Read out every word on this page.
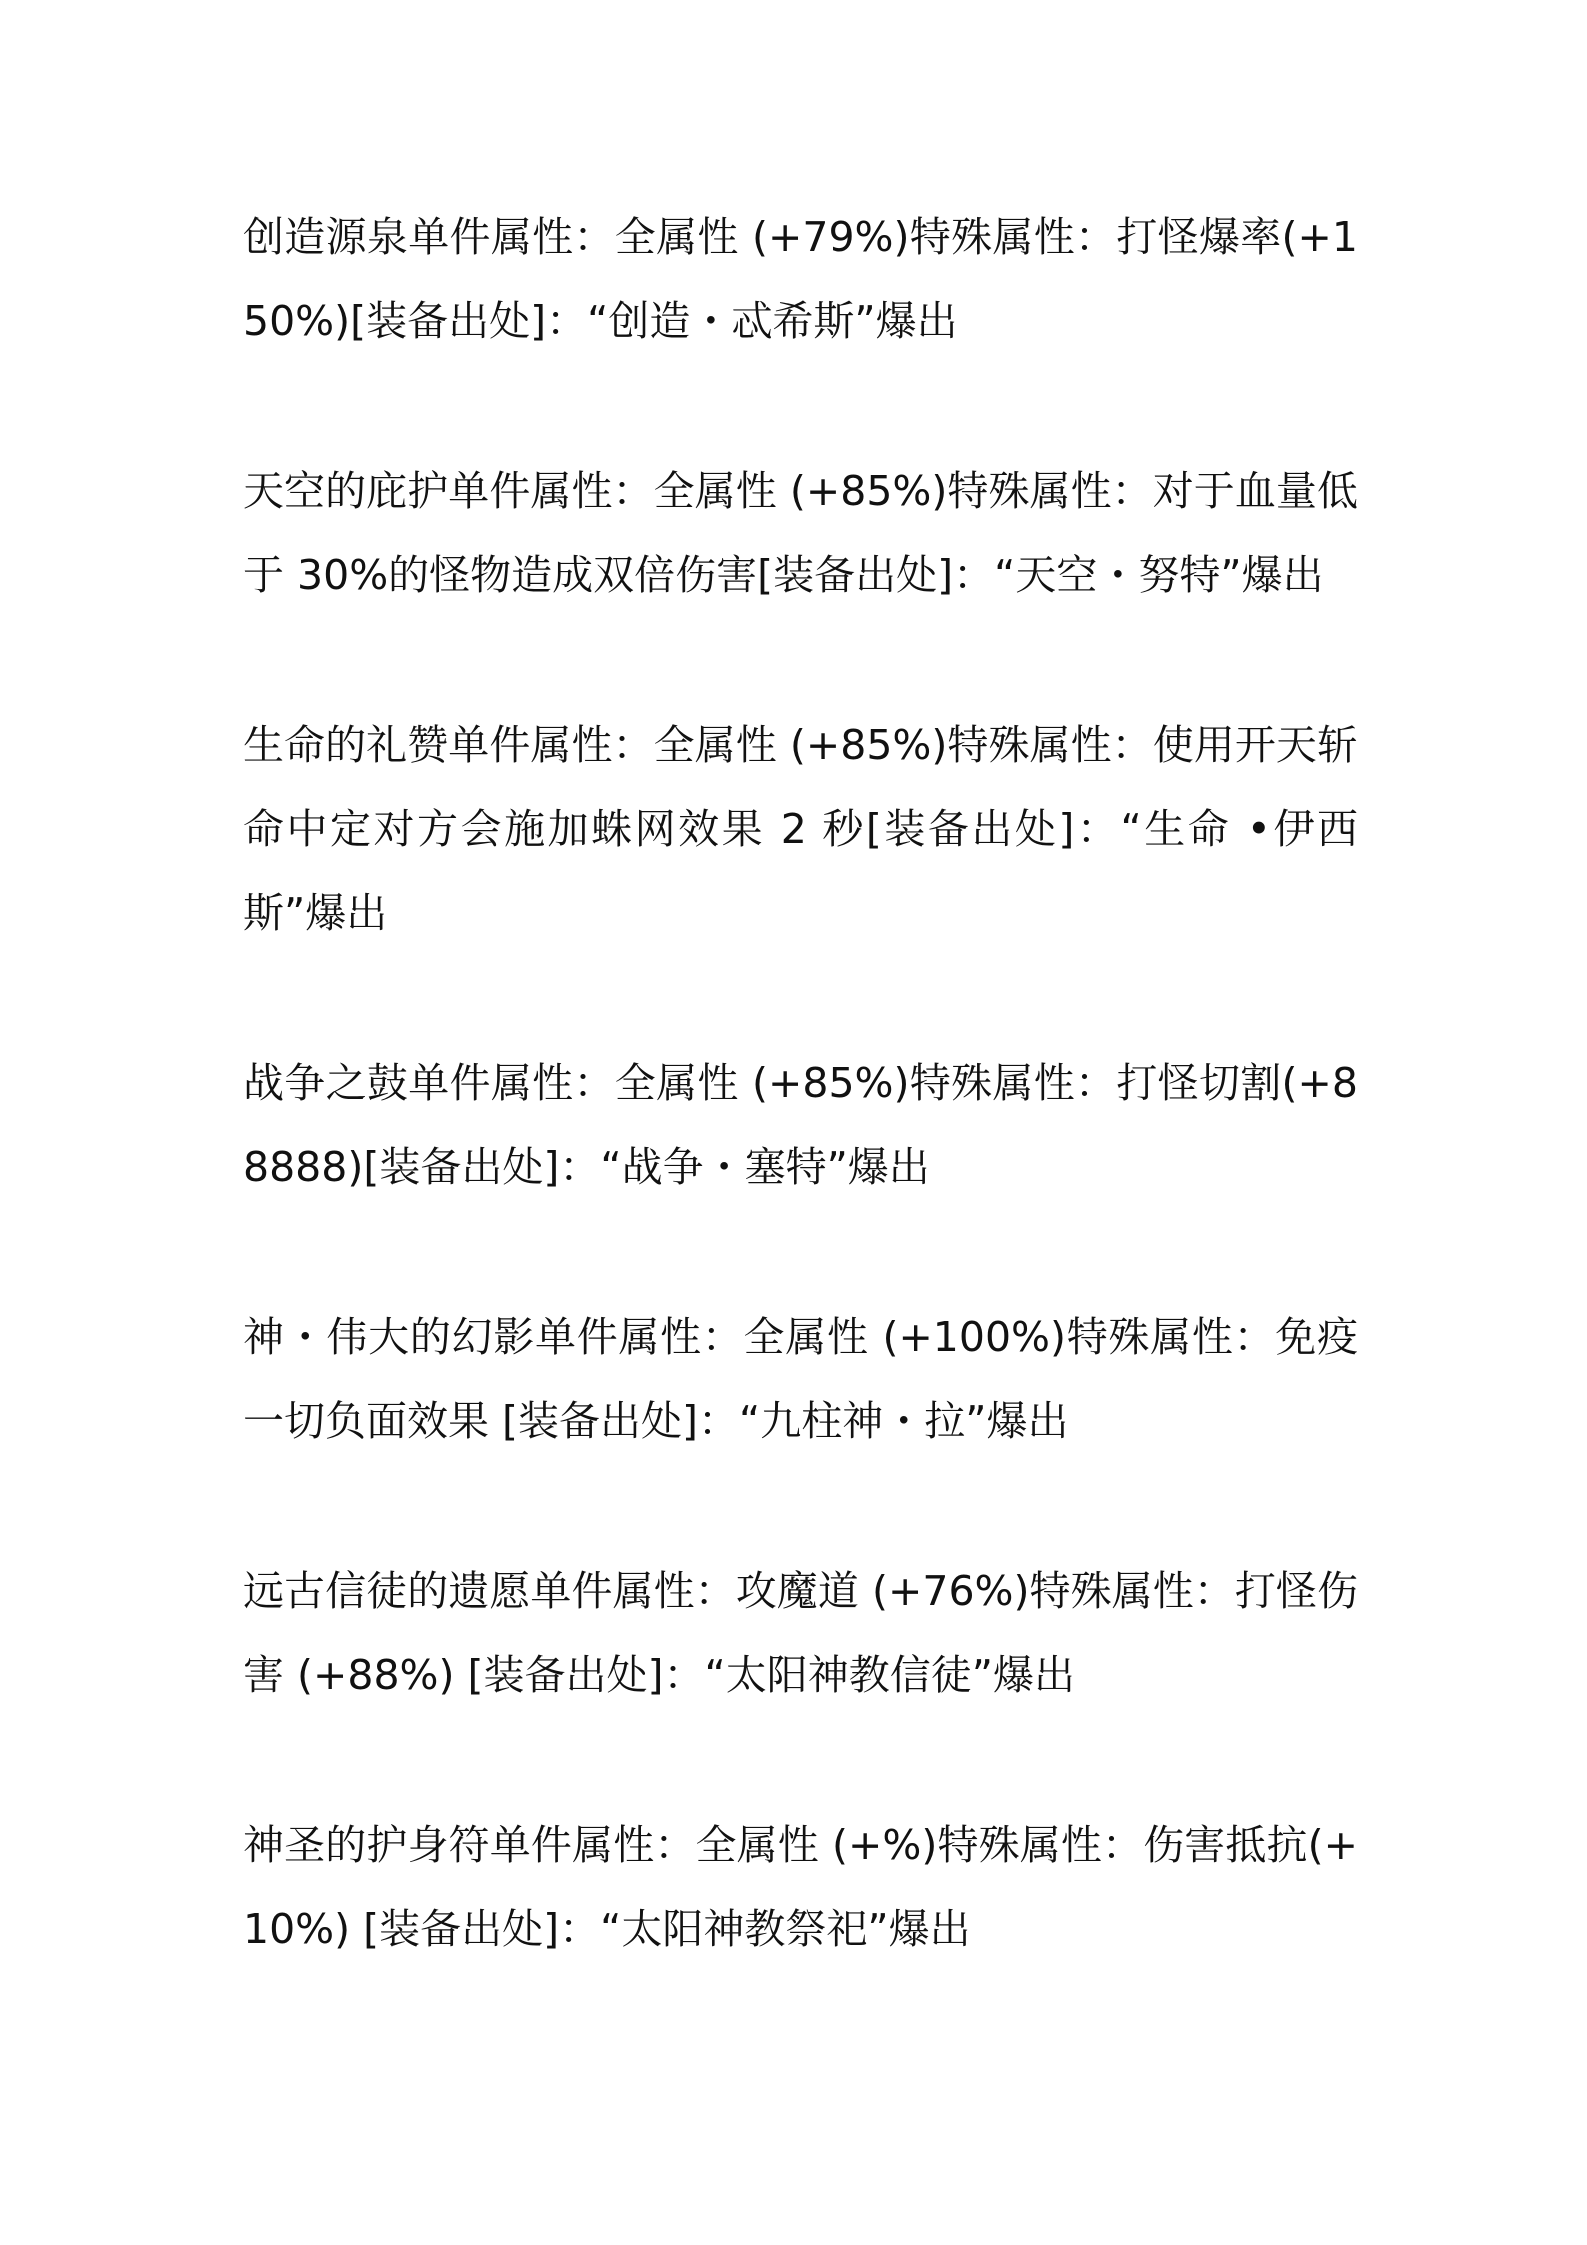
创造源泉单件属性：全属性 (+79%)特殊属性：打怪爆率(+150%)[装备出处]：“创造・忒希斯”爆出

天空的庇护单件属性：全属性 (+85%)特殊属性：对于血量低于 30%的怪物造成双倍伤害[装备出处]：“天空・努特”爆出

生命的礼赞单件属性：全属性 (+85%)特殊属性：使用开天斩命中定对方会施加蛛网效果 2 秒[装备出处]：“生命 •伊西斯”爆出

战争之鼓单件属性：全属性 (+85%)特殊属性：打怪切割(+88888)[装备出处]：“战争・塞特”爆出

神・伟大的幻影单件属性：全属性 (+100%)特殊属性：免疫一切负面效果 [装备出处]：“九柱神・拉”爆出

远古信徒的遗愿单件属性：攻魔道 (+76%)特殊属性：打怪伤害 (+88%) [装备出处]：“太阳神教信徒”爆出

神圣的护身符单件属性：全属性 (+%)特殊属性：伤害抵抗(+10%) [装备出处]：“太阳神教祭祀”爆出
